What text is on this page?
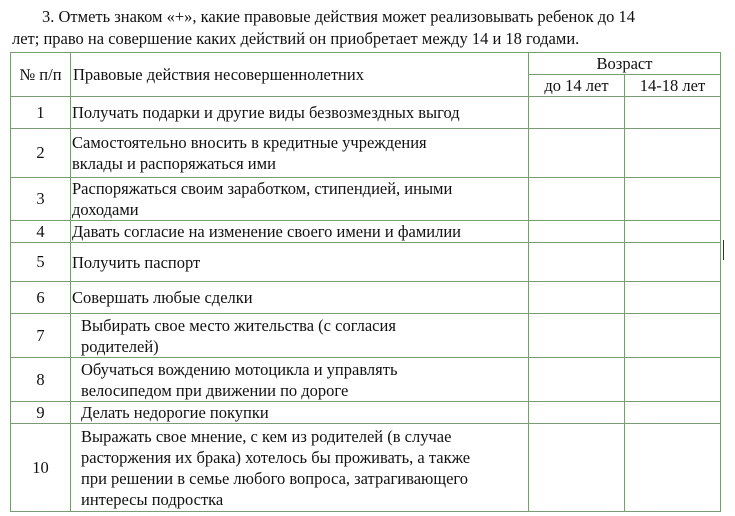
3. Отметь знаком «+», какие правовые действия может реализовывать ребенок до 14
лет; право на совершение каких действий он приобретает между 14 и 18 годами.
№ п/п	Правовые действия несовершеннолетних	Возраст	
		до 14 лет	14-18 лет
1	Получать подарки и другие виды безвозмездных выгод		
2	Самостоятельно вносить в кредитные учреждения
вклады и распоряжаться ими		
3	Распоряжаться своим заработком, стипендией, иными
доходами		
4	Давать согласие на изменение своего имени и фамилии		
5	Получить паспорт		
6	Совершать любые сделки		
7	Выбирать свое место жительства (с согласия
родителей)		
8	Обучаться вождению мотоцикла и управлять
велосипедом при движении по дороге		
9	Делать недорогие покупки		
10	Выражать свое мнение, с кем из родителей (в случае
расторжения их брака) хотелось бы проживать, а также
при решении в семье любого вопроса, затрагивающего
интересы подростка		
